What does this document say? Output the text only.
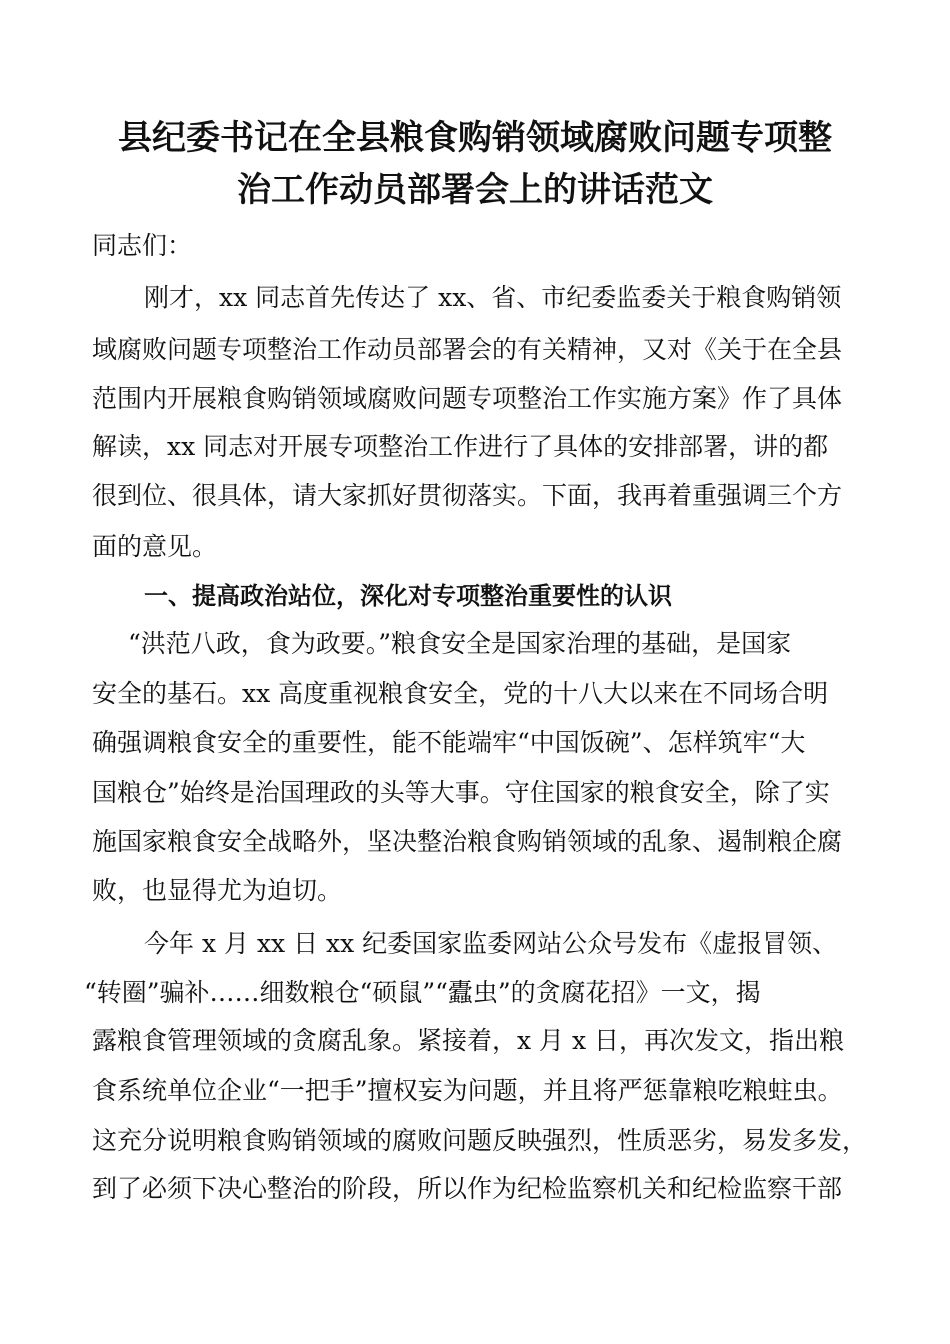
县纪委书记在全县粮食购销领域腐败问题专项整
治工作动员部署会上的讲话范文
同志们：
刚才，xx 同志首先传达了 xx、省、市纪委监委关于粮食购销领
域腐败问题专项整治工作动员部署会的有关精神，又对《关于在全县
范围内开展粮食购销领域腐败问题专项整治工作实施方案》作了具体
解读，xx 同志对开展专项整治工作进行了具体的安排部署，讲的都
很到位、很具体，请大家抓好贯彻落实。下面，我再着重强调三个方
面的意见。
一、提高政治站位，深化对专项整治重要性的认识
“洪范八政，食为政要。”粮食安全是国家治理的基础，是国家
安全的基石。xx 高度重视粮食安全，党的十八大以来在不同场合明
确强调粮食安全的重要性，能不能端牢“中国饭碗”、怎样筑牢“大
国粮仓”始终是治国理政的头等大事。守住国家的粮食安全，除了实
施国家粮食安全战略外，坚决整治粮食购销领域的乱象、遏制粮企腐
败，也显得尤为迫切。
今年 x 月 xx 日 xx 纪委国家监委网站公众号发布《虚报冒领、
“转圈”骗补……细数粮仓“硕鼠”“蠹虫”的贪腐花招》一文，揭
露粮食管理领域的贪腐乱象。紧接着，x 月 x 日，再次发文，指出粮
食系统单位企业“一把手”擅权妄为问题，并且将严惩靠粮吃粮蛀虫。
这充分说明粮食购销领域的腐败问题反映强烈，性质恶劣，易发多发，
到了必须下决心整治的阶段，所以作为纪检监察机关和纪检监察干部
